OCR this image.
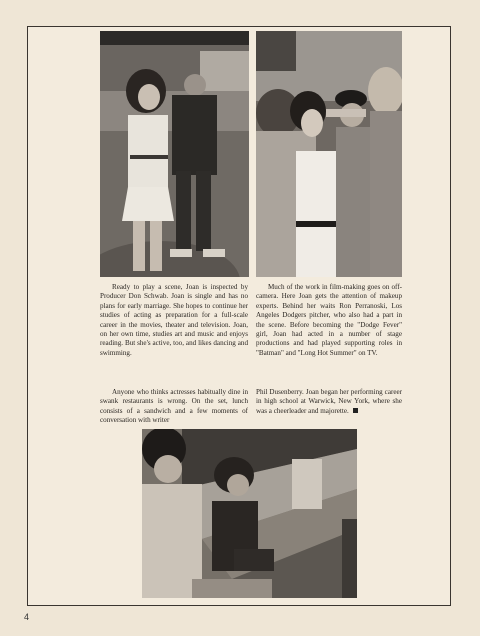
Ready to play a scene, Joan is inspected by Producer Don Schwab. Joan is single and has no plans for early marriage. She hopes to continue her studies of acting as preparation for a full-scale career in the movies, theater and television. Joan, on her own time, studies art and music and enjoys reading. But she's active, too, and likes dancing and swimming.

Much of the work in film-making goes on off-camera. Here Joan gets the attention of makeup experts. Behind her waits Ron Perranoski, Los Angeles Dodgers pitcher, who also had a part in the scene. Before becoming the "Dodge Fever" girl, Joan had acted in a number of stage productions and had played supporting roles in "Batman" and "Long Hot Summer" on TV.

Anyone who thinks actresses habitually dine in swank restaurants is wrong. On the set, lunch consists of a sandwich and a few moments of conversation with writer

Phil Dusenberry. Joan began her performing career in high school at Warwick, New York, where she was a cheerleader and majorette.

4
